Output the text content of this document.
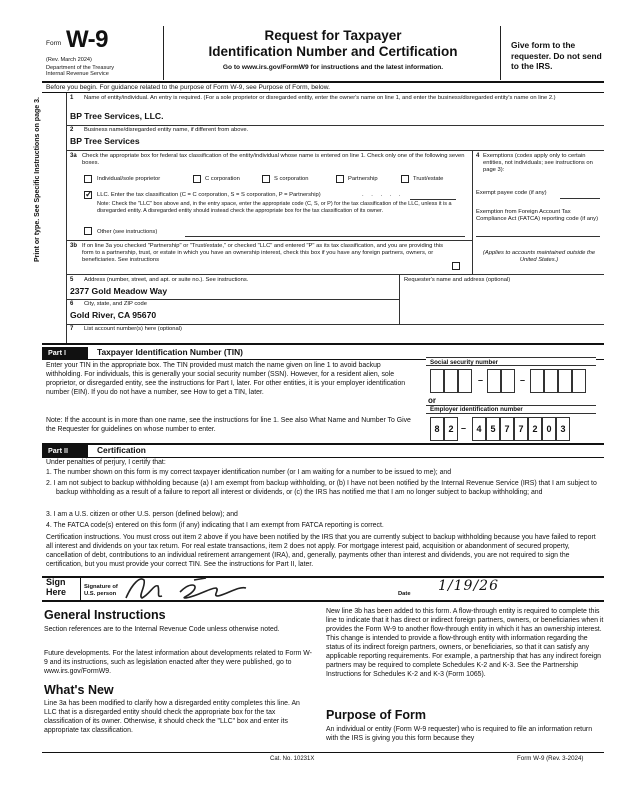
Form W-9
(Rev. March 2024)
Department of the Treasury
Internal Revenue Service
Request for Taxpayer
Identification Number and Certification
Go to www.irs.gov/FormW9 for instructions and the latest information.
Give form to the requester. Do not send to the IRS.
Before you begin. For guidance related to the purpose of Form W-9, see Purpose of Form, below.
Print or type. See Specific Instructions on page 3.	1 Name of entity/individual. An entry is required. (For a sole proprietor or disregarded entity, enter the owner's name on line 1, and enter the business/disregarded entity's name on line 2.)
BP Tree Services, LLC.
2 Business name/disregarded entity name, if different from above.
BP Tree Services
3a Check the appropriate box for federal tax classification of the entity/individual whose name is entered on line 1. Check only one of the following seven boxes.
Individual/sole proprietor	C corporation	S corporation	Partnership	Trust/estate
✓
LLC. Enter the tax classification (C = C corporation, S = S corporation, P = Partnership)	. . . . .
Note: Check the "LLC" box above and, in the entry space, enter the appropriate code (C, S, or P) for the tax classification of the LLC, unless it is a disregarded entity. A disregarded entity should instead check the appropriate box for the tax classification of its owner.
Other (see instructions)
4 Exemptions (codes apply only to certain entities, not individuals; see instructions on page 3):
Exempt payee code (if any)
Exemption from Foreign Account Tax Compliance Act (FATCA) reporting code (if any)
3b If on line 3a you checked "Partnership" or "Trust/estate," or checked "LLC" and entered "P" as its tax classification, and you are providing this form to a partnership, trust, or estate in which you have an ownership interest, check this box if you have any foreign partners, owners, or beneficiaries. See instructions
(Applies to accounts maintained outside the United States.)
5 Address (number, street, and apt. or suite no.). See instructions.
2377 Gold Meadow Way
Requester's name and address (optional)
6 City, state, and ZIP code
Gold River, CA 95670
7 List account number(s) here (optional)
Part I	Taxpayer Identification Number (TIN)
Enter your TIN in the appropriate box. The TIN provided must match the name given on line 1 to avoid backup withholding. For individuals, this is generally your social security number (SSN). However, for a resident alien, sole proprietor, or disregarded entity, see the instructions for Part I, later. For other entities, it is your employer identification number (EIN). If you do not have a number, see How to get a TIN, later.
Note: If the account is in more than one name, see the instructions for line 1. See also What Name and Number To Give the Requester for guidelines on whose number to enter.
Social security number
–	–
or
Employer identification number
8 2 –	4 5 7 7 2 0 3
Part II	Certification
Under penalties of perjury, I certify that:
1. The number shown on this form is my correct taxpayer identification number (or I am waiting for a number to be issued to me); and
2. I am not subject to backup withholding because (a) I am exempt from backup withholding, or (b) I have not been notified by the Internal Revenue Service (IRS) that I am subject to backup withholding as a result of a failure to report all interest or dividends, or (c) the IRS has notified me that I am no longer subject to backup withholding; and
3. I am a U.S. citizen or other U.S. person (defined below); and
4. The FATCA code(s) entered on this form (if any) indicating that I am exempt from FATCA reporting is correct.
Certification instructions. You must cross out item 2 above if you have been notified by the IRS that you are currently subject to backup withholding because you have failed to report all interest and dividends on your tax return. For real estate transactions, item 2 does not apply. For mortgage interest paid, acquisition or abandonment of secured property, cancellation of debt, contributions to an individual retirement arrangement (IRA), and, generally, payments other than interest and dividends, you are not required to sign the certification, but you must provide your correct TIN. See the instructions for Part II, later.
Sign
Here	Signature of
U.S. person	Date 1/19/26
General Instructions
Section references are to the Internal Revenue Code unless otherwise noted.
Future developments. For the latest information about developments related to Form W-9 and its instructions, such as legislation enacted after they were published, go to www.irs.gov/FormW9.
What's New
Line 3a has been modified to clarify how a disregarded entity completes this line. An LLC that is a disregarded entity should check the appropriate box for the tax classification of its owner. Otherwise, it should check the "LLC" box and enter its appropriate tax classification.
New line 3b has been added to this form. A flow-through entity is required to complete this line to indicate that it has direct or indirect foreign partners, owners, or beneficiaries when it provides the Form W-9 to another flow-through entity in which it has an ownership interest. This change is intended to provide a flow-through entity with information regarding the status of its indirect foreign partners, owners, or beneficiaries, so that it can satisfy any applicable reporting requirements. For example, a partnership that has any indirect foreign partners may be required to complete Schedules K-2 and K-3. See the Partnership Instructions for Schedules K-2 and K-3 (Form 1065).
Purpose of Form
An individual or entity (Form W-9 requester) who is required to file an information return with the IRS is giving you this form because they
Cat. No. 10231X	Form W-9 (Rev. 3-2024)
